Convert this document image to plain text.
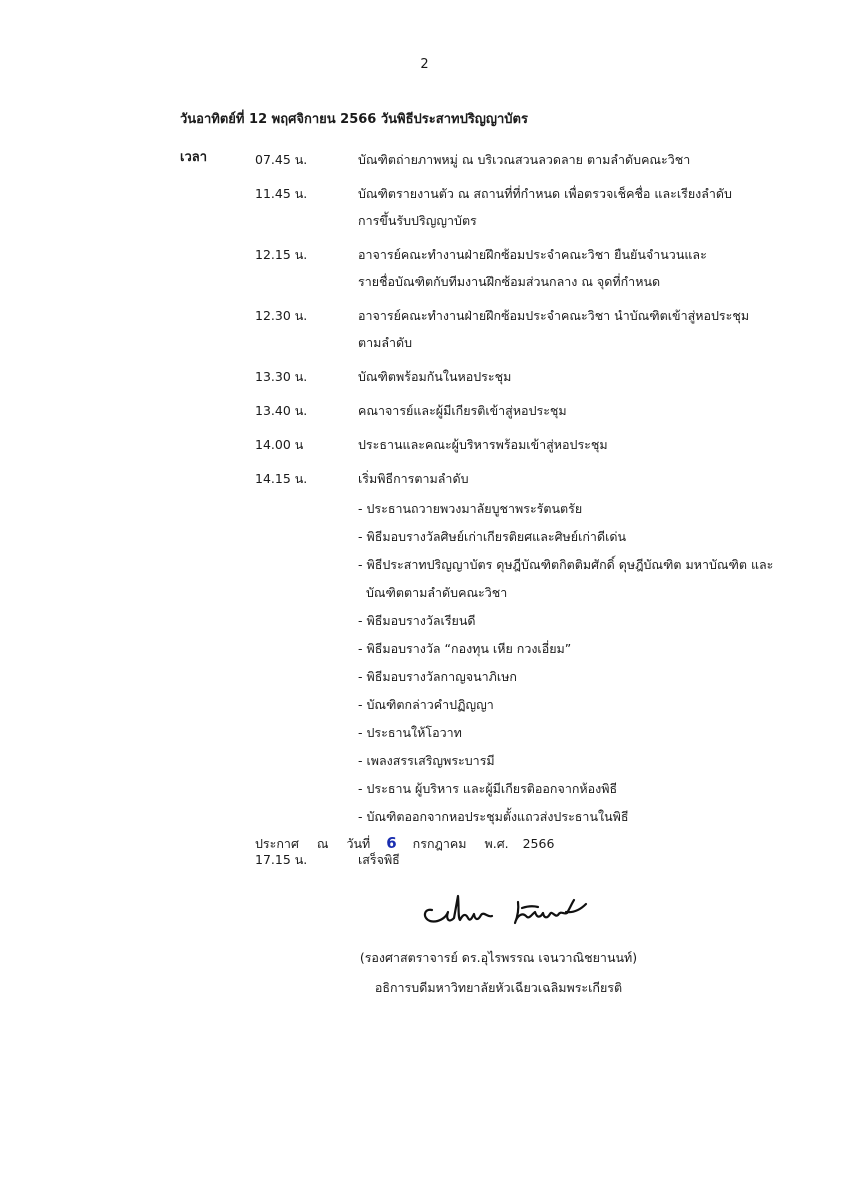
2
วันอาทิตย์ที่ 12 พฤศจิกายน 2566 วันพิธีประสาทปริญญาบัตร
เวลา	07.45 น.	บัณฑิตถ่ายภาพหมู่ ณ บริเวณสวนลวดลาย ตามลำดับคณะวิชา
11.45 น.	บัณฑิตรายงานตัว ณ สถานที่ที่กำหนด เพื่อตรวจเช็คชื่อ และเรียงลำดับ
การขึ้นรับปริญญาบัตร
12.15 น.	อาจารย์คณะทำงานฝ่ายฝึกซ้อมประจำคณะวิชา ยืนยันจำนวนและ
รายชื่อบัณฑิตกับทีมงานฝึกซ้อมส่วนกลาง ณ จุดที่กำหนด
12.30 น.	อาจารย์คณะทำงานฝ่ายฝึกซ้อมประจำคณะวิชา นำบัณฑิตเข้าสู่หอประชุม
ตามลำดับ
13.30 น.	บัณฑิตพร้อมกันในหอประชุม
13.40 น.	คณาจารย์และผู้มีเกียรติเข้าสู่หอประชุม
14.00 น	ประธานและคณะผู้บริหารพร้อมเข้าสู่หอประชุม
14.15 น.	เริ่มพิธีการตามลำดับ
- ประธานถวายพวงมาลัยบูชาพระรัตนตรัย
- พิธีมอบรางวัลศิษย์เก่าเกียรติยศและศิษย์เก่าดีเด่น
- พิธีประสาทปริญญาบัตร ดุษฎีบัณฑิตกิตติมศักดิ์ ดุษฎีบัณฑิต มหาบัณฑิต และ
บัณฑิตตามลำดับคณะวิชา
- พิธีมอบรางวัลเรียนดี
- พิธีมอบรางวัล “กองทุน เหีย กวงเอี่ยม”
- พิธีมอบรางวัลกาญจนาภิเษก
- บัณฑิตกล่าวคำปฏิญญา
- ประธานให้โอวาท
- เพลงสรรเสริญพระบารมี
- ประธาน ผู้บริหาร และผู้มีเกียรติออกจากห้องพิธี
- บัณฑิตออกจากหอประชุมตั้งแถวส่งประธานในพิธี
17.15 น.	เสร็จพิธี
ประกาศ ณ วันที่ 6 กรกฎาคม พ.ศ. 2566
(รองศาสตราจารย์ ดร.อุไรพรรณ เจนวาณิชยานนท์)
อธิการบดีมหาวิทยาลัยหัวเฉียวเฉลิมพระเกียรติ
